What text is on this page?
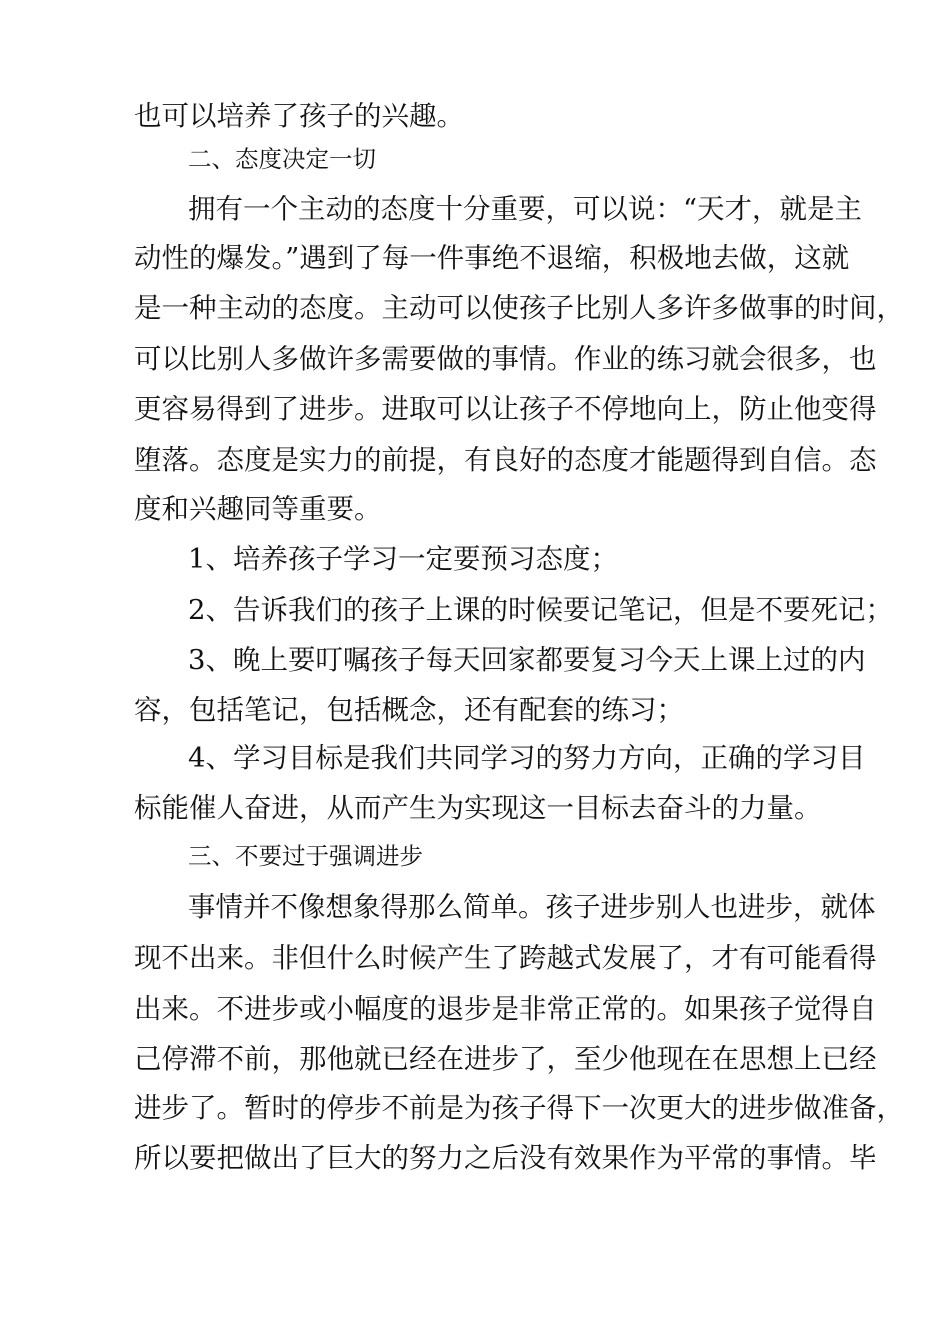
也可以培养了孩子的兴趣。
二、态度决定一切
拥有一个主动的态度十分重要，可以说：“天才，就是主
动性的爆发。”遇到了每一件事绝不退缩，积极地去做，这就
是一种主动的态度。主动可以使孩子比别人多许多做事的时间，
可以比别人多做许多需要做的事情。作业的练习就会很多，也
更容易得到了进步。进取可以让孩子不停地向上，防止他变得
堕落。态度是实力的前提，有良好的态度才能题得到自信。态
度和兴趣同等重要。
1、培养孩子学习一定要预习态度；
2、告诉我们的孩子上课的时候要记笔记，但是不要死记；
3、晚上要叮嘱孩子每天回家都要复习今天上课上过的内
容，包括笔记，包括概念，还有配套的练习；
4、学习目标是我们共同学习的努力方向，正确的学习目
标能催人奋进，从而产生为实现这一目标去奋斗的力量。
三、不要过于强调进步
事情并不像想象得那么简单。孩子进步别人也进步，就体
现不出来。非但什么时候产生了跨越式发展了，才有可能看得
出来。不进步或小幅度的退步是非常正常的。如果孩子觉得自
己停滞不前，那他就已经在进步了，至少他现在在思想上已经
进步了。暂时的停步不前是为孩子得下一次更大的进步做准备，
所以要把做出了巨大的努力之后没有效果作为平常的事情。毕
